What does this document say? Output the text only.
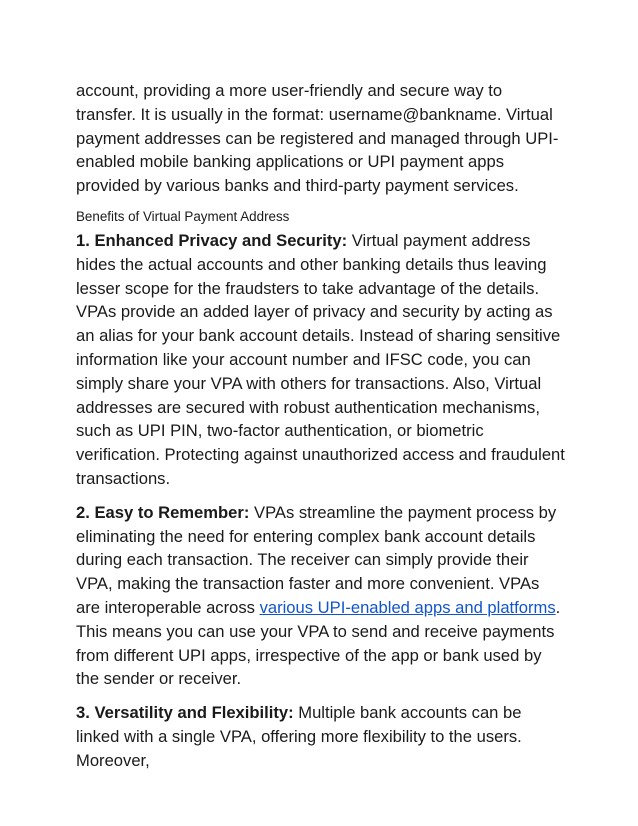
account, providing a more user-friendly and secure way to transfer. It is usually in the format: username@bankname. Virtual payment addresses can be registered and managed through UPI-enabled mobile banking applications or UPI payment apps provided by various banks and third-party payment services.

Benefits of Virtual Payment Address

1. Enhanced Privacy and Security: Virtual payment address hides the actual accounts and other banking details thus leaving lesser scope for the fraudsters to take advantage of the details. VPAs provide an added layer of privacy and security by acting as an alias for your bank account details. Instead of sharing sensitive information like your account number and IFSC code, you can simply share your VPA with others for transactions. Also, Virtual addresses are secured with robust authentication mechanisms, such as UPI PIN, two-factor authentication, or biometric verification. Protecting against unauthorized access and fraudulent transactions.

2. Easy to Remember: VPAs streamline the payment process by eliminating the need for entering complex bank account details during each transaction. The receiver can simply provide their VPA, making the transaction faster and more convenient. VPAs are interoperable across various UPI-enabled apps and platforms. This means you can use your VPA to send and receive payments from different UPI apps, irrespective of the app or bank used by the sender or receiver.

3. Versatility and Flexibility: Multiple bank accounts can be linked with a single VPA, offering more flexibility to the users. Moreover,
